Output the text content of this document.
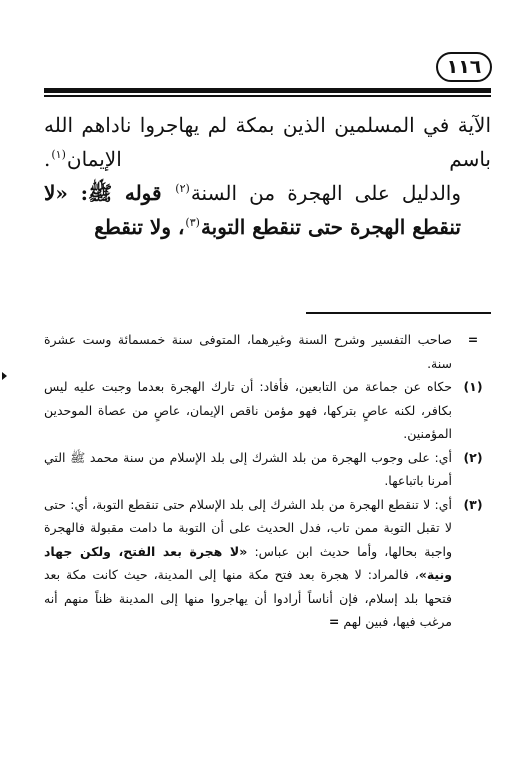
١١٦

الآية في المسلمين الذين بمكة لم يهاجروا ناداهم الله باسم الإيمان$^{(١)}$.

والدليل على الهجرة من السنة$^{(٢)}$ قوله ﷺ: «لا تنقطع الهجرة حتى تنقطع التوبة$^{(٣)}$، ولا تنقطع

=
صاحب التفسير وشرح السنة وغيرهما، المتوفى سنة خمسمائة وست عشرة سنة.
(١)
حكاه عن جماعة من التابعين، فأفاد: أن تارك الهجرة بعدما وجبت عليه ليس بكافر، لكنه عاصٍ بتركها، فهو مؤمن ناقص الإيمان، عاصٍ من عصاة الموحدين المؤمنين.
(٢)
أي: على وجوب الهجرة من بلد الشرك إلى بلد الإسلام من سنة محمد ﷺ التي أمرنا باتباعها.
(٣)
أي: لا تنقطع الهجرة من بلد الشرك إلى بلد الإسلام حتى تنقطع التوبة، أي: حتى لا تقبل التوبة ممن تاب، فدل الحديث على أن التوبة ما دامت مقبولة فالهجرة واجبة بحالها، وأما حديث ابن عباس: «لا هجرة بعد الفتح، ولكن جهاد ونية»، فالمراد: لا هجرة بعد فتح مكة منها إلى المدينة، حيث كانت مكة بعد فتحها بلد إسلام، فإن أناساً أرادوا أن يهاجروا منها إلى المدينة ظناً منهم أنه مرغب فيها، فبين لهم =
